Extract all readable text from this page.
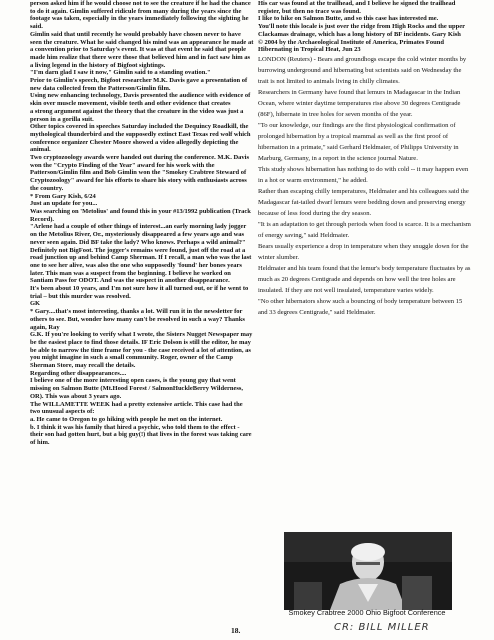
person asked him if he would choose not to see the creature if he had the chance to do it again. Gimlin suffered ridicule from many during the years since the footage was taken, especially in the years immediately following the sighting he said.

Gimlin said that until recently he would probably have chosen never to have seen the creature. What he said changed his mind was an appearance he made at a convention prior to Saturday's event. It was at that event he said that people made him realize that there were those that believed him and in fact saw him as a living legend in the history of Bigfoot sightings.

"I'm darn glad I saw it now," Gimlin said to a standing ovation."

Prior to Gimlin's speech, Bigfoot researcher M.K. Davis gave a presentation of new data collected from the Patterson/Gimlin film.

Using new enhancing technology, Davis presented the audience with evidence of skin over muscle movement, visible teeth and other evidence that creates

a strong argument against the theory that the creature in the video was just a person in a gorilla suit.

Other topics covered in speeches Saturday included the Dequincy Roadkill, the mythological thunderbird and the supposedly extinct East Texas red wolf which conference organizer Chester Moore showed a video allegedly depicting the animal.

Two cryptozoology awards were handed out during the conference. M.K. Davis won the "Crypto Finding of the Year" award for his work with the Patterson/Gimlin film and Bob Gimlin won the "Smokey Crabtree Steward of Cryptozoology" award for his efforts to share his story with enthusiasts across the country.

* From Gary Kish, 6/24

Just an update for you...

Was searching on 'Metolius' and found this in your #13/1992 publication (Track Record).

"Arlene had a couple of other things of interest...an early morning lady jogger on the Metolius River, Or., mysteriously disappeared a few years ago and was never seen again. Did BF take the lady? Who knows. Perhaps a wild animal?"

Definitely not BigFoot. The jogger's remains were found, just off the road at a road junction up and behind Camp Sherman. If I recall, a man who was the last one to see her alive, was also the one who supposedly 'found' her bones years later. This man was a suspect from the beginning. I believe he worked on Santiam Pass for ODOT. And was the suspect in another disappearance.

It's been about 10 years, and I'm not sure how it all turned out, or if he went to trial – but this murder was resolved.

GK

* Gary....that's most interesting, thanks a lot. Will run it in the newsletter for others to see. But, wonder how many can't be resolved in such a way? Thanks again, Ray

G.K. If you're looking to verify what I wrote, the Sisters Nugget Newspaper may be the easiest place to find those details. IF Eric Dolson is still the editor, he may be able to narrow the time frame for you - the case received a lot of attention, as you might imagine in such a small community. Roger, owner of the Camp Sherman Store, may recall the details.

Regarding other disappearances....

I believe one of the more interesting open cases, is the young guy that went missing on Salmon Butte (Mt.Hood Forest / SalmonHuckleBerry Wilderness, OR). This was about 3 years ago.

The WILLAMETTE WEEK had a pretty extensive article. This case had the two unusual aspects of:

a. He came to Oregon to go hiking with people he met on the internet.

b. I think it was his family that hired a psychic, who told them to the effect - their son had gotten hurt, but a big guy(!) that lives in the forest was taking care of him.

His car was found at the trailhead, and I believe he signed the trailhead register, but then no trace was found.

I like to hike on Salmon Butte, and so this case has interested me.

You'll note this locale is just over the ridge from High Rocks and the upper Clackamas drainage, which has a long history of BF incidents. Gary Kish

© 2004 by the Archaeological Institute of America, Primates Found Hibernating in Tropical Heat, Jun 23

LONDON (Reuters) - Bears and groundhogs escape the cold winter months by burrowing underground and hibernating but scientists said on Wednesday the trait is not limited to animals living in chilly climates.

Researchers in Germany have found that lemurs in Madagascar in the Indian Ocean, where winter daytime temperatures rise above 30 degrees Centigrade (86F), hibernate in tree holes for seven months of the year.

"To our knowledge, our findings are the first physiological confirmation of prolonged hibernation by a tropical mammal as well as the first proof of hibernation in a primate," said Gerhard Heldmaier, of Philipps University in Marburg, Germany, in a report in the science journal Nature.

This study shows hibernation has nothing to do with cold -- it may happen even in a hot or warm environment," he added.

Rather than escaping chilly temperatures, Heldmaier and his colleagues said the Madagascar fat-tailed dwarf lemurs were bedding down and preserving energy because of less food during the dry season.

"It is an adaptation to get through periods when food is scarce. It is a mechanism of energy saving," said Heldmaier.

Bears usually experience a drop in temperature when they snuggle down for the winter slumber.

Heldmaier and his team found that the lemur's body temperature fluctuates by as much as 20 degrees Centigrade and depends on how well the tree holes are insulated. If they are not well insulated, temperature varies widely.

"No other hibernators show such a bouncing of body temperature between 15 and 33 degrees Centigrade," said Heldmaier.

Smokey Crabtree 2000 Ohio Bigfoot Conference
18.	CR: BILL MILLER
